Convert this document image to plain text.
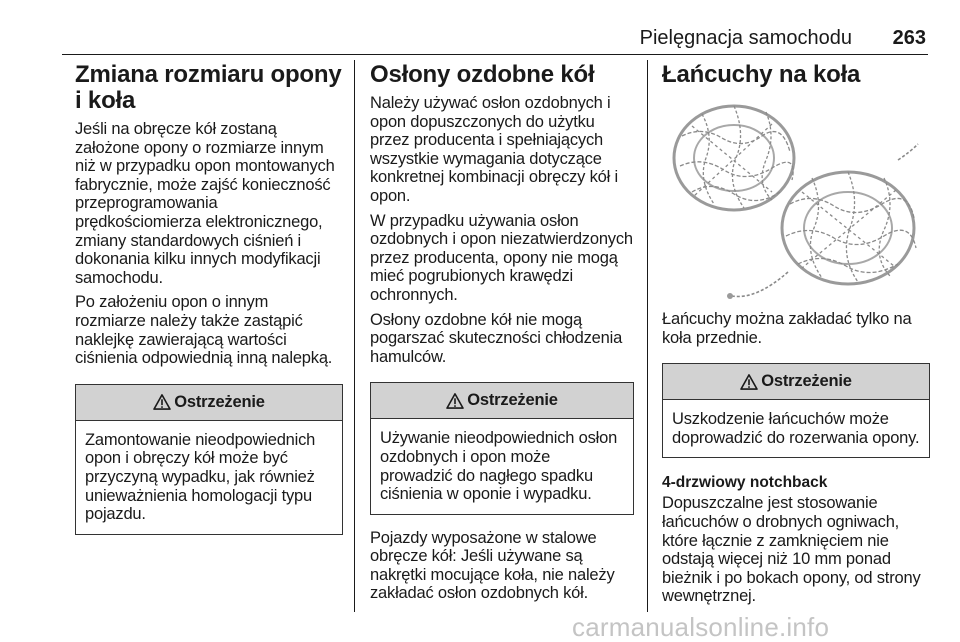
Pielęgnacja samochodu 263
Zmiana rozmiaru opony i koła

Jeśli na obręcze kół zostaną założone opony o rozmiarze innym niż w przypadku opon montowanych fabrycznie, może zajść konieczność przeprogramowania prędkościomierza elektronicznego, zmiany standardowych ciśnień i dokonania kilku innych modyfikacji samochodu.

Po założeniu opon o innym rozmiarze należy także zastąpić naklejkę zawierającą wartości ciśnienia odpowiednią inną nalepką.

Ostrzeżenie
Zamontowanie nieodpowiednich opon i obręczy kół może być przyczyną wypadku, jak również unieważnienia homologacji typu pojazdu.
Osłony ozdobne kół

Należy używać osłon ozdobnych i opon dopuszczonych do użytku przez producenta i spełniających wszystkie wymagania dotyczące konkretnej kombinacji obręczy kół i opon.

W przypadku używania osłon ozdobnych i opon niezatwierdzonych przez producenta, opony nie mogą mieć pogrubionych krawędzi ochronnych.

Osłony ozdobne kół nie mogą pogarszać skuteczności chłodzenia hamulców.

Ostrzeżenie
Używanie nieodpowiednich osłon ozdobnych i opon może prowadzić do nagłego spadku ciśnienia w oponie i wypadku.

Pojazdy wyposażone w stalowe obręcze kół: Jeśli używane są nakrętki mocujące koła, nie należy zakładać osłon ozdobnych kół.

Łańcuchy na koła

Łańcuchy można zakładać tylko na koła przednie.

Ostrzeżenie
Uszkodzenie łańcuchów może doprowadzić do rozerwania opony.
4-drzwiowy notchback

Dopuszczalne jest stosowanie łańcuchów o drobnych ogniwach, które łącznie z zamknięciem nie odstają więcej niż 10 mm ponad bieżnik i po bokach opony, od strony wewnętrznej.

carmanualsonline.info
